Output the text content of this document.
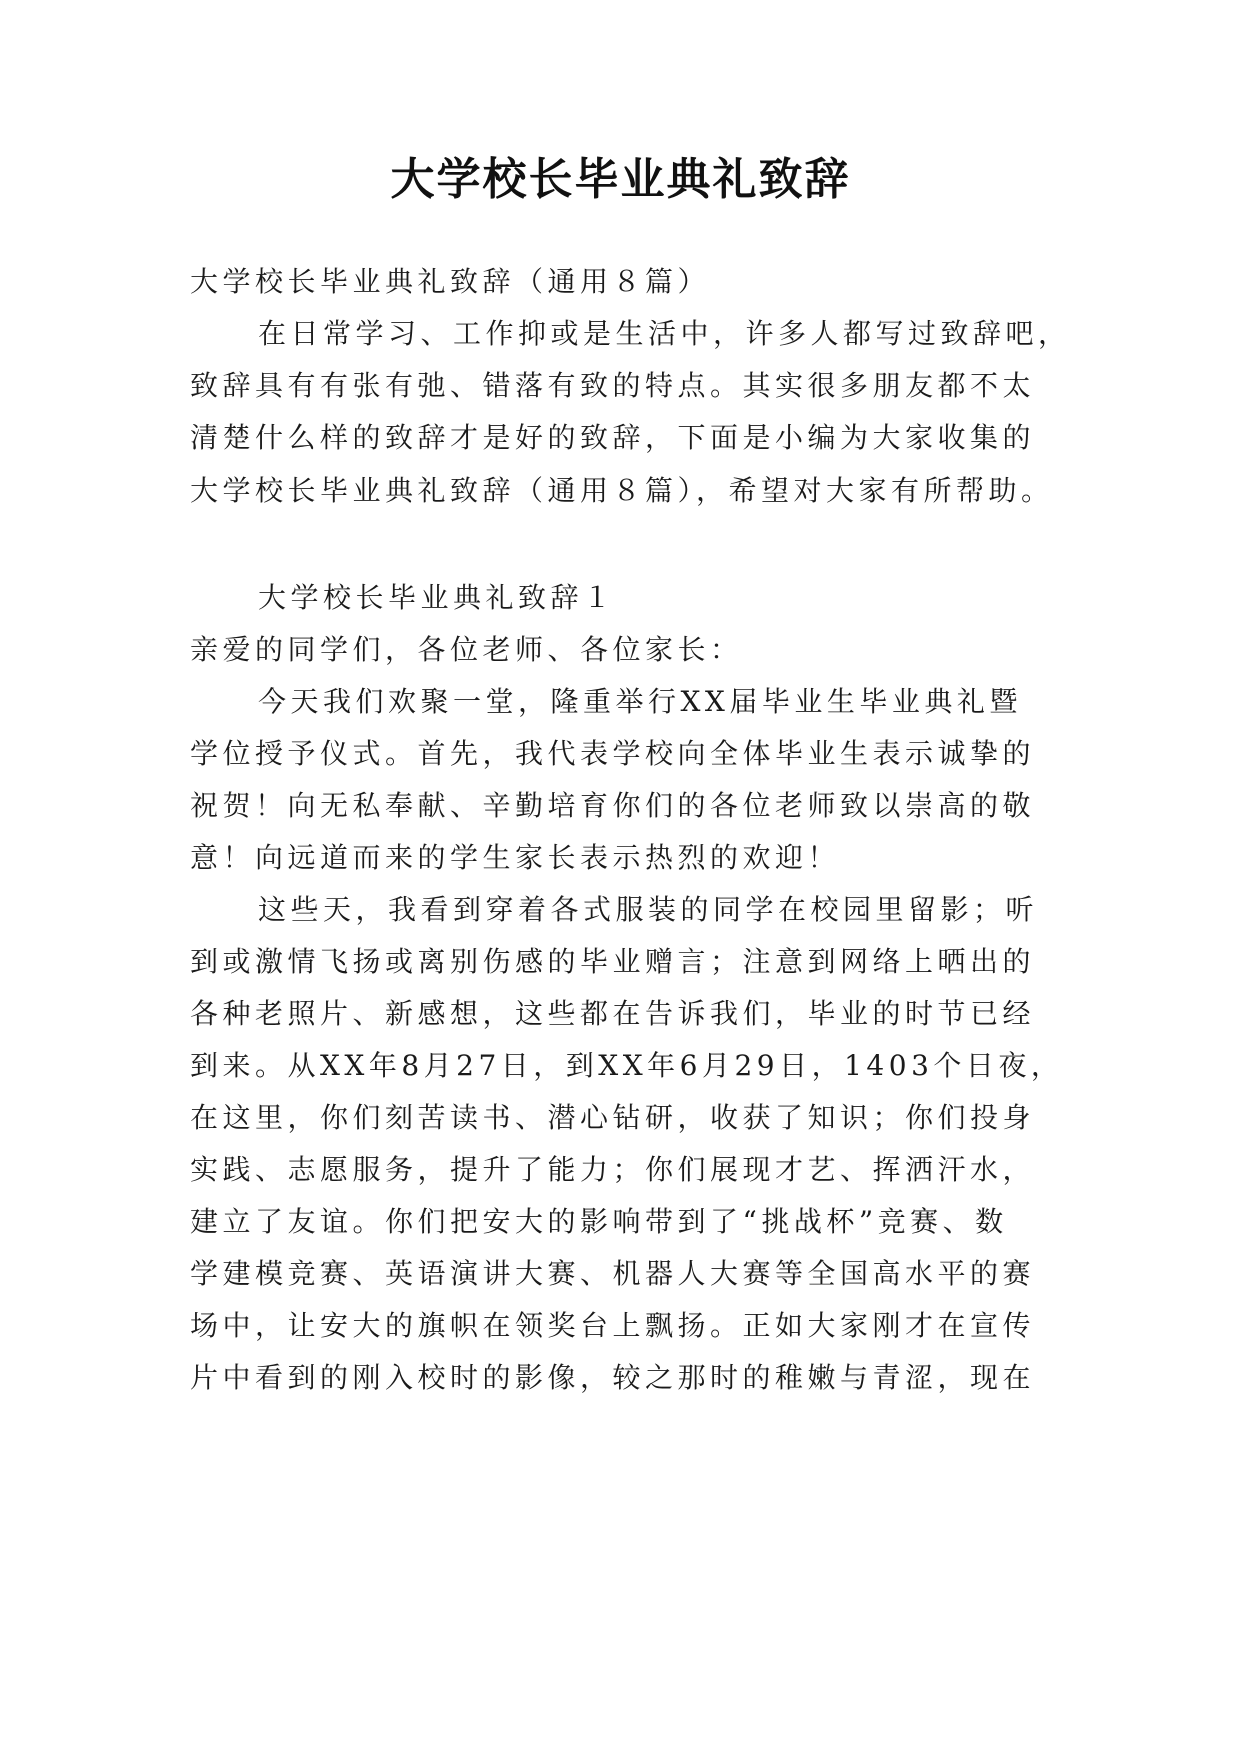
大学校长毕业典礼致辞

大学校长毕业典礼致辞（通用８篇）

在日常学习、工作抑或是生活中，许多人都写过致辞吧，

致辞具有有张有弛、错落有致的特点。其实很多朋友都不太

清楚什么样的致辞才是好的致辞，下面是小编为大家收集的

大学校长毕业典礼致辞（通用８篇），希望对大家有所帮助。

大学校长毕业典礼致辞１

亲爱的同学们，各位老师、各位家长：

今天我们欢聚一堂，隆重举行XX届毕业生毕业典礼暨

学位授予仪式。首先，我代表学校向全体毕业生表示诚挚的

祝贺！向无私奉献、辛勤培育你们的各位老师致以崇高的敬

意！向远道而来的学生家长表示热烈的欢迎！

这些天，我看到穿着各式服装的同学在校园里留影；听

到或激情飞扬或离别伤感的毕业赠言；注意到网络上晒出的

各种老照片、新感想，这些都在告诉我们，毕业的时节已经

到来。从XX年8月27日，到XX年6月29日，1403个日夜，

在这里，你们刻苦读书、潜心钻研，收获了知识；你们投身

实践、志愿服务，提升了能力；你们展现才艺、挥洒汗水，

建立了友谊。你们把安大的影响带到了“挑战杯”竞赛、数

学建模竞赛、英语演讲大赛、机器人大赛等全国高水平的赛

场中，让安大的旗帜在领奖台上飘扬。正如大家刚才在宣传

片中看到的刚入校时的影像，较之那时的稚嫩与青涩，现在
